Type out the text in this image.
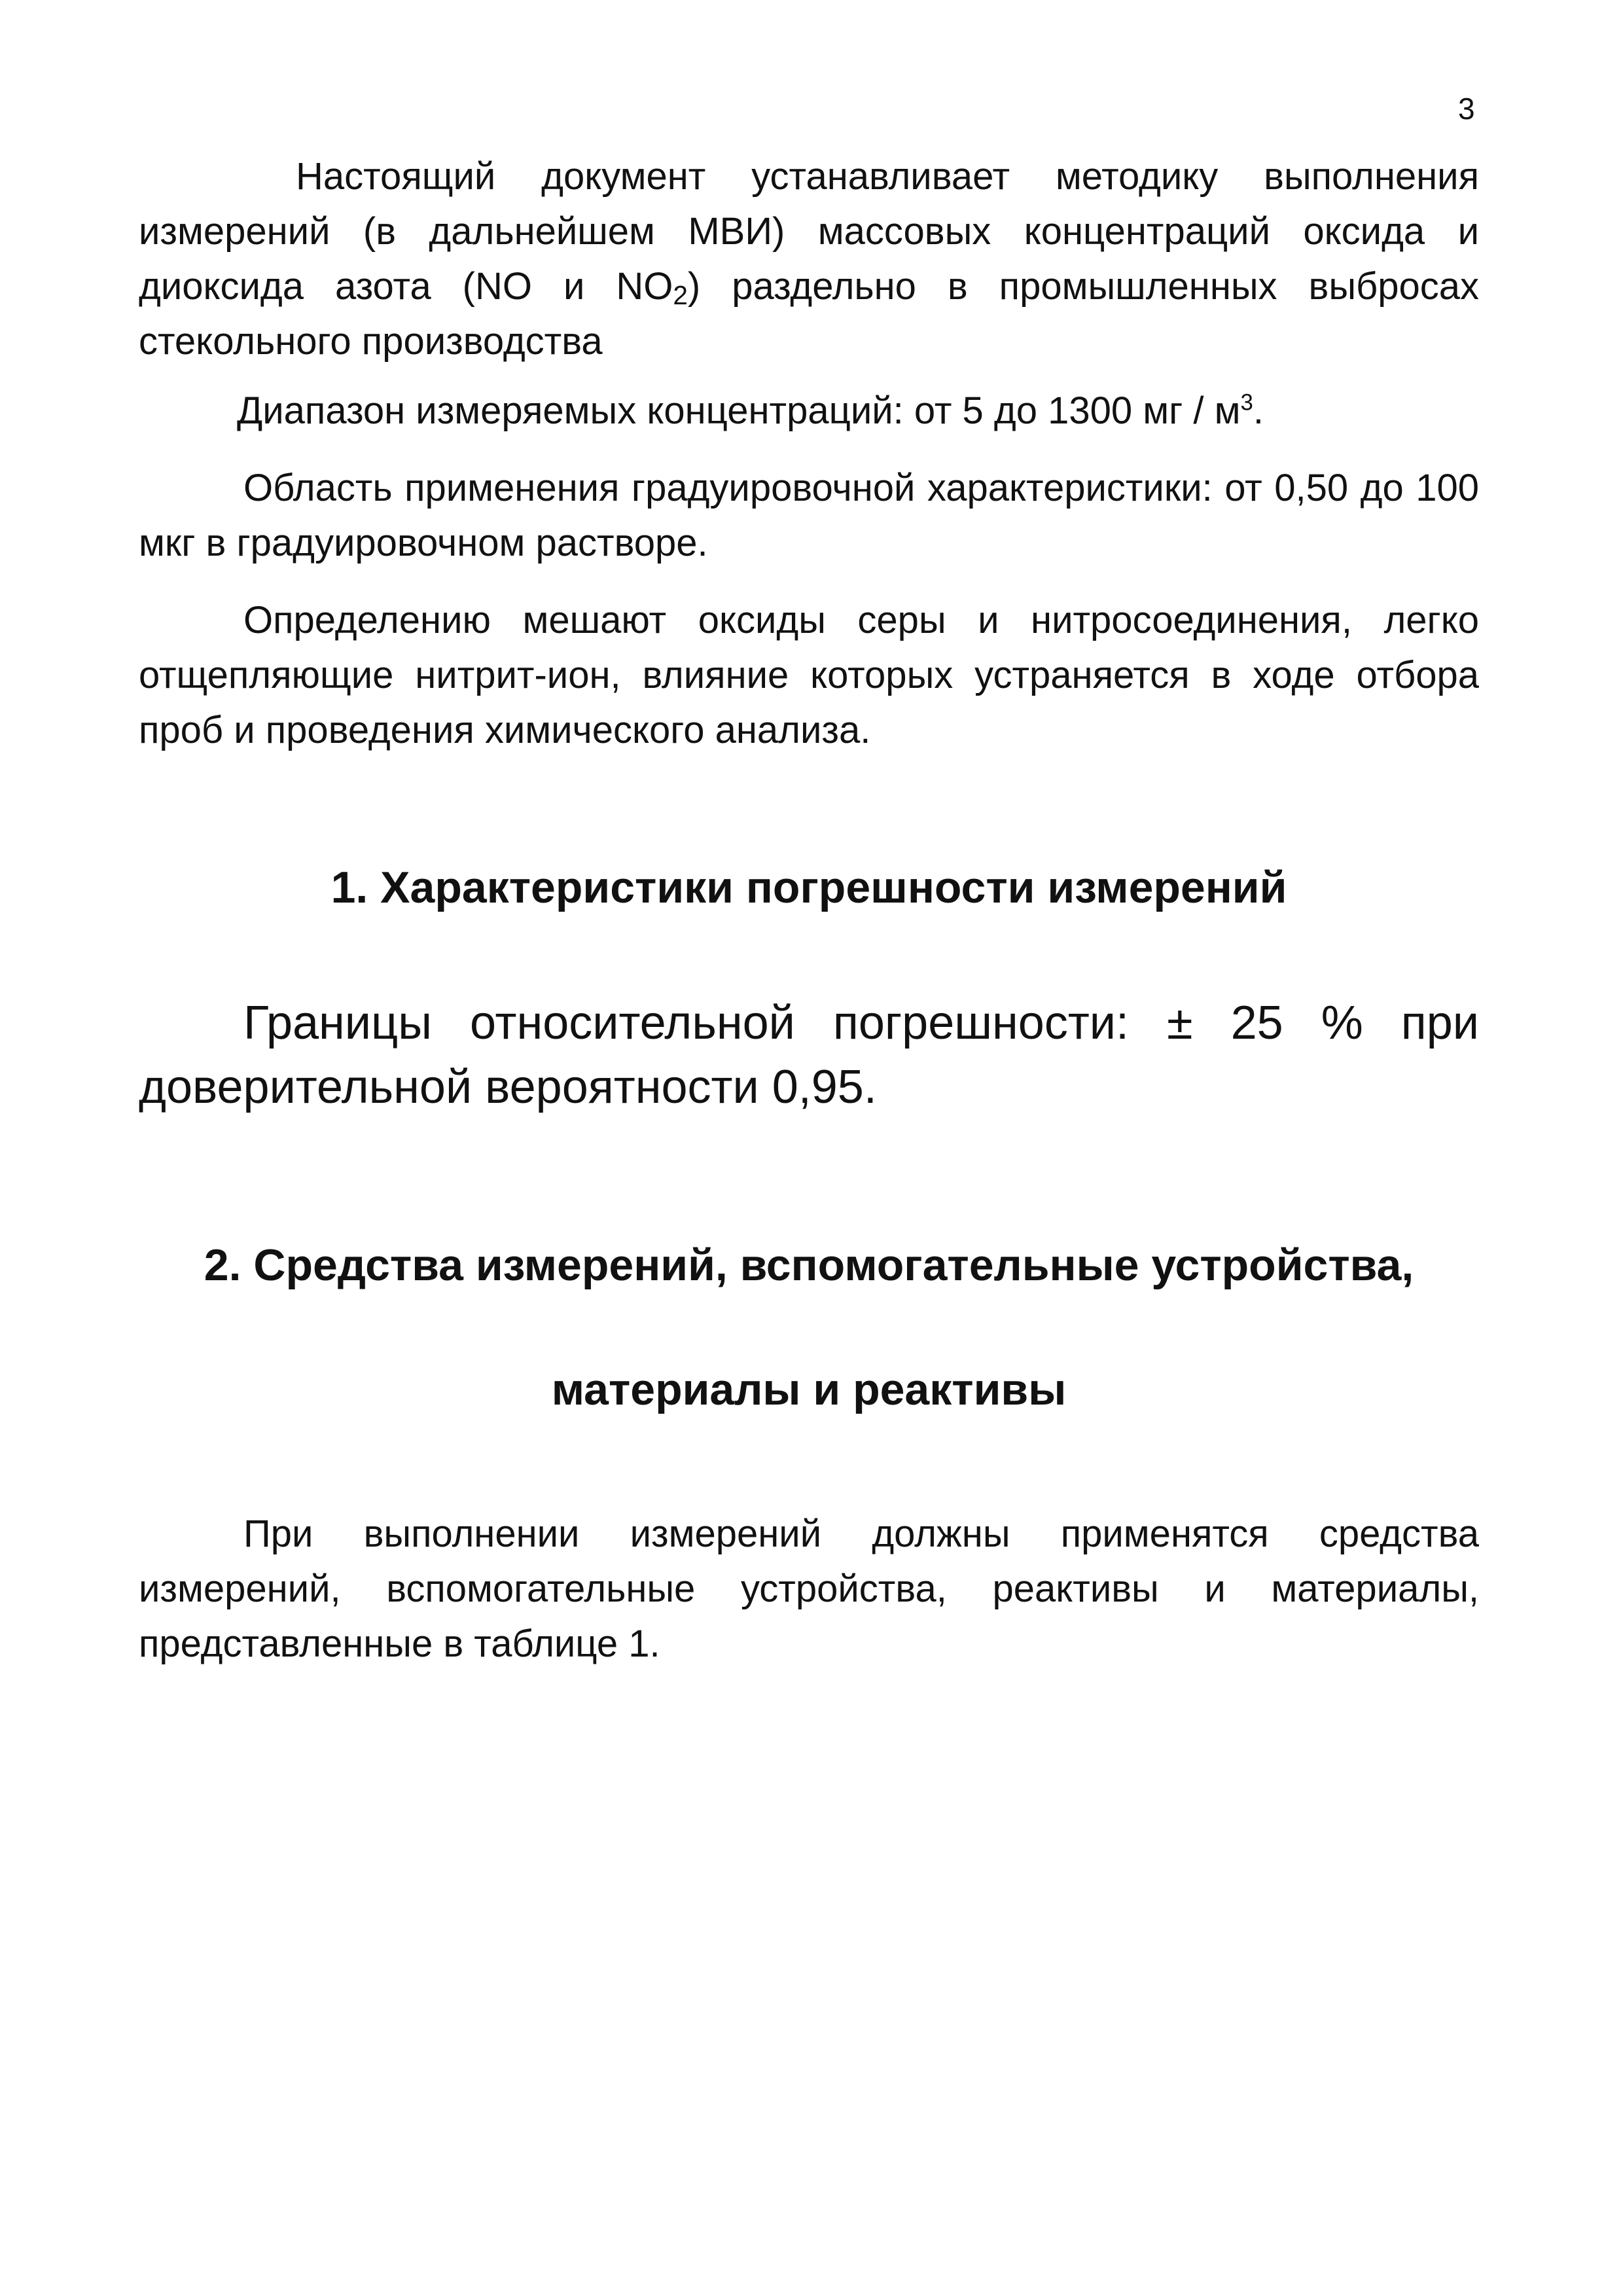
3

Настоящий документ устанавливает методику выполнения измерений (в дальнейшем МВИ) массовых концентраций оксида и диоксида азота (NO и $NO_2$) раздельно в промышленных выбросах стекольного производства

Диапазон измеряемых концентраций: от 5 до 1300 мг / $м^3$.

Область применения градуировочной характеристики: от 0,50 до 100 мкг в градуировочном растворе.

Определению мешают оксиды серы и нитросоединения, легко отщепляющие нитрит-ион, влияние которых устраняется в ходе отбора проб и проведения химического анализа.

1. Характеристики погрешности измерений

Границы относительной погрешности: ± 25 % при доверительной вероятности 0,95.

2. Средства измерений, вспомогательные устройства,
материалы и реактивы

При выполнении измерений должны применятся средства измерений, вспомогательные устройства, реактивы и материалы, представленные в таблице 1.
